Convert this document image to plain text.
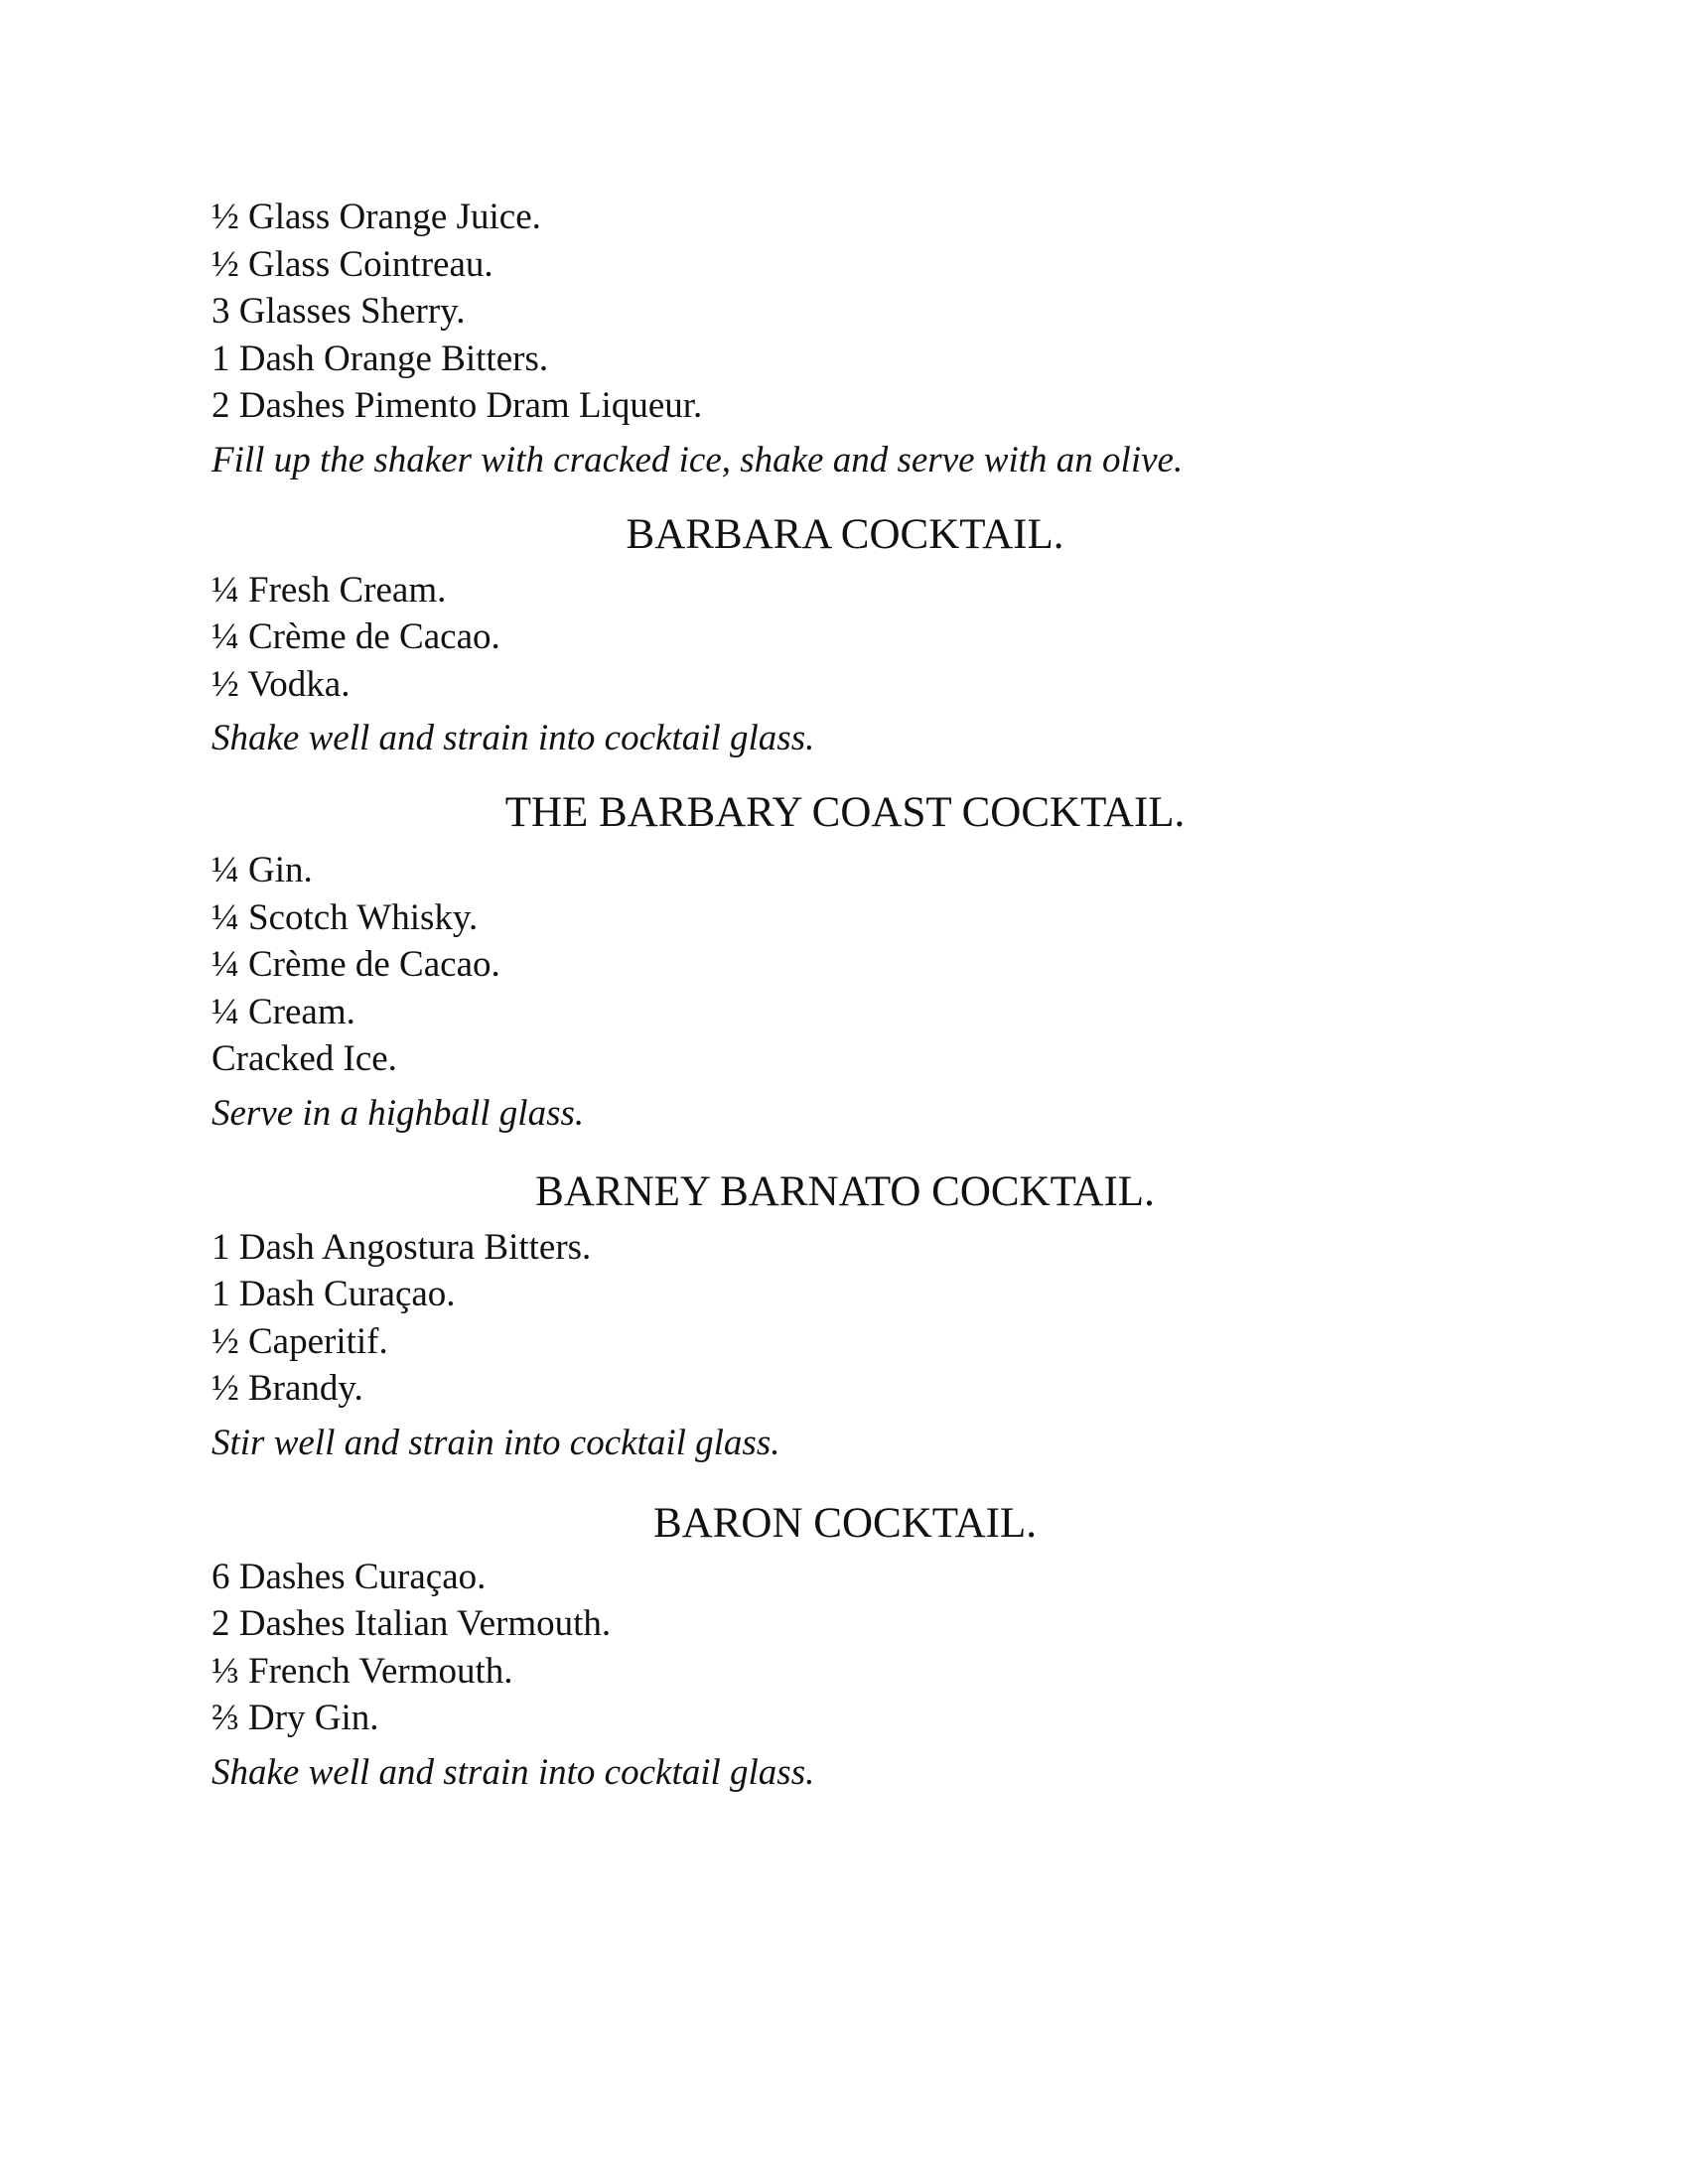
½ Glass Orange Juice.
½ Glass Cointreau.
3 Glasses Sherry.
1 Dash Orange Bitters.
2 Dashes Pimento Dram Liqueur.
Fill up the shaker with cracked ice, shake and serve with an olive.
BARBARA COCKTAIL.
¼ Fresh Cream.
¼ Crème de Cacao.
½ Vodka.
Shake well and strain into cocktail glass.
THE BARBARY COAST COCKTAIL.
¼ Gin.
¼ Scotch Whisky.
¼ Crème de Cacao.
¼ Cream.
Cracked Ice.
Serve in a highball glass.
BARNEY BARNATO COCKTAIL.
1 Dash Angostura Bitters.
1 Dash Curaçao.
½ Caperitif.
½ Brandy.
Stir well and strain into cocktail glass.
BARON COCKTAIL.
6 Dashes Curaçao.
2 Dashes Italian Vermouth.
⅓ French Vermouth.
⅔ Dry Gin.
Shake well and strain into cocktail glass.
